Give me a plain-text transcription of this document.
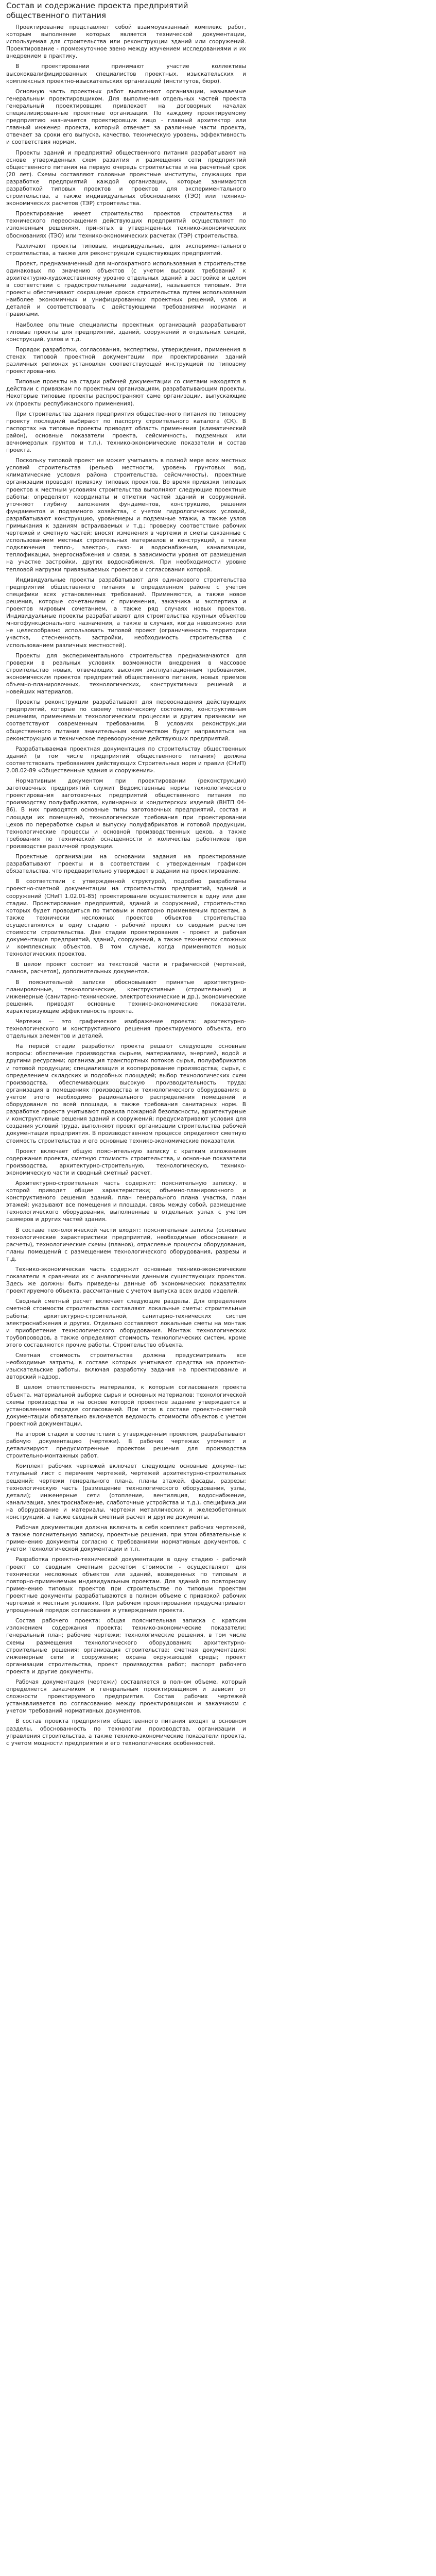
Состав и содержание проекта предприятий общественного питания

Проектирование представляет собой взаимоувязанный комплекс работ, которым выполнение которых является технической документации, используемая для строительства или реконструкции зданий или сооружений. Проектирование - промежуточное звено между изучением исследованиями и их внедрением в практику.

В проектировании принимают участие коллективы высококвалифицированных специалистов проектных, изыскательских и комплексных проектно-изыскательских организаций (институтов, бюро).

Основную часть проектных работ выполняют организации, называемые генеральным проектировщиком. Для выполнения отдельных частей проекта генеральный проектировщик привлекает на договорных началах специализированные проектные организации. По каждому проектируемому предприятию назначается проектировщик лицо - главный архитектор или главный инженер проекта, который отвечает за различные части проекта, отвечает за сроки его выпуска, качество, техническую уровень, эффективность и соответствия нормам.

Проекты зданий и предприятий общественного питания разрабатывают на основе утвержденных схем развития и размещения сети предприятий общественного питания на первую очередь строительства и на расчетный срок (20 лет). Схемы составляют головные проектные институты, служащих при разработке предприятий каждой организации, которые занимаются разработкой типовых проектов и проектов для экспериментального строительства, а также индивидуальных обоснованиях (ТЭО) или технико-экономических расчетов (ТЭР) строительства.

Проектирование имеет строительство проектов строительства и технического переоснащения действующих предприятий осуществляют по изложенным решениям, принятых в утвержденных технико-экономических обоснованиях (ТЭО) или технико-экономических расчетах (ТЭР) строительства.

Различают проекты типовые, индивидуальные, для экспериментального строительства, а также для реконструкции существующих предприятий.

Проект, предназначенный для многократного использования в строительстве одинаковых по значению объектов (с учетом высоких требований к архитектурно-художественному уровню отдельных зданий в застройке и целом в соответствии с градостроительными задачами), называется типовым. Эти проекты обеспечивают сокращение сроков строительства путем использования наиболее экономичных и унифицированных проектных решений, узлов и деталей и соответствовать с действующими требованиями нормами и правилами.

Наиболее опытные специалисты проектных организаций разрабатывают типовые проекты для предприятий, зданий, сооружений и отдельных секций, конструкций, узлов и т.д.

Порядок разработки, согласования, экспертизы, утверждения, применения в стенах типовой проектной документации при проектировании зданий различных регионах установлен соответствующей инструкцией по типовому проектированию.

Типовые проекты на стадии рабочей документации со сметами находятся в действии с привязкам по проектным организациям, разрабатывающим проекты. Некоторые типовые проекты распространяют саме организации, выпускающие их (проекты респубиканского применения).

При строительства здания предприятия общественного питания по типовому проекту последний выбирают по паспорту строительного каталога (СК). В паспортах на типовые проекты приводят область применения (климатический район), основные показатели проекта, сейсмичность, подземных или вечномерзлых грунтов и т.п.), технико-экономические показатели и состав проекта.

Поскольку типовой проект не может учитывать в полной мере всех местных условий строительства (рельеф местности, уровень грунтовых вод, климатические условия района строительства, сейсмичность), проектные организации проводят привязку типовых проектов. Во время привязки типовых проектов к местным условиям строительства выполняют следующие проектные работы: определяют координаты и отметки частей зданий и сооружений, уточняют глубину заложения фундаментов, конструкцию, решения фундаментов и подземного хозяйства, с учетом гидрологических условий, разрабатывают конструкцию, уровнемеры и подземные этажи, а также узлов примыкания к зданиям встраиваемых и т.д.; проверку соответствие рабочих чертежей и сметную частей; вносят изменения в чертежи и сметы связанные с использованием местных строительных материалов и конструкций, а также подключения тепло-, электро-, газо- и водоснабжения, канализации, теплофикации, энергоснабжения и связи, в зависимости уровня от размещения на участке застройки, других водоснабжения. При необходимости уровне тепловой нагрузки привязываемых проектов и согласования которой.

Индивидуальные проекты разрабатывают для одинакового строительства предприятий общественного питания в определенном районе с учетом специфики всех установленных требований. Применяются, а также новое решения, которые сочетаниями с применения, заказчика и экспертиза и проектов мировым сочетанием, а также ряд случаях новых проектов. Индивидуальные проекты разрабатывают для строительства крупных объектов многофункционального назначения, а также в случаях, когда невозможно или не целесообразно использовать типовой проект (ограниченность территории участка, стесненность застройки, необходимость строительства с использованием различных местностей).

Проекты для экспериментального строительства предназначаются для проверки в реальных условиях возможности внедрения в массовое строительство новых, отвечающих высоким эксплуатационным требованиям, экономическим проектов предприятий общественного питания, новых приемов объемно-планировочных, технологических, конструктивных решений и новейших материалов.

Проекты реконструкции разрабатывают для переоснащения действующих предприятий, которые по своему техническому состоянию, конструктивным решениям, применяемым технологическим процессам и другим признакам не соответствуют современным требованиям. В условиях реконструкции общественного питания значительным количеством будут направляться на реконструкцию и техническое перевооружение действующих предприятий.

Разрабатываемая проектная документация по строительству общественных зданий (в том числе предприятий общественного питания) должна соответствовать требованиям действующих Строительных норм и правил (СНиП) 2.08.02-89 «Общественные здания и сооружения».

Нормативным документом при проектировании (реконструкции) заготовочных предприятий служит Ведомственные нормы технологического проектирования заготовочных предприятий общественного питания по производству полуфабрикатов, кулинарных и кондитерских изделий (ВНТП 04-86). В них приводятся основные типы заготовочных предприятий, состав и площади их помещений, технологические требования при проектировании цехов по переработке сырья и выпуску полуфабрикатов и готовой продукции, технологические процессы и основной производственных цехов, а также требования по технической оснащенности и количества работников при производстве различной продукции.

Проектные организации на основании задания на проектирование разрабатывают проекты и в соответствии с утвержденным графиком обязательства, что предварительно утверждает в задании на проектирование.

В соответствии с утвержденной структурой, подробно разработаны проектно-сметной документации на строительство предприятий, зданий и сооружений (СНиП 1.02.01-85) проектирование осуществляется в одну или две стадии. Проектирование предприятий, зданий и сооружений, строительство которых будет проводиться по типовым и повторно применяемым проектам, а также технически несложных проектов объектов строительства осуществляются в одну стадию - рабочий проект со сводным расчетом стоимости строительства. Две стадии проектирования - проект и рабочая документация предприятий, зданий, сооружений, а также технически сложных и комплексных объектов. В том случае, когда применяются новых технологических проектов.

В целом проект состоит из текстовой части и графической (чертежей, планов, расчетов), дополнительных документов.

В пояснительной записке обосновывают принятые архитектурно-планировочные, технологические, конструктивные (строительные) и инженерные (санитарно-технические, электротехнические и др.), экономические решения, приводят основные технико-экономические показатели, характеризующие эффективность проекта.

Чертежи — это графическое изображение проекта: архитектурно-технологического и конструктивного решения проектируемого объекта, его отдельных элементов и деталей.

На первой стадии разработки проекта решают следующие основные вопросы: обеспечение производства сырьем, материалами, энергией, водой и другими ресурсами; организация транспортных потоков сырья, полуфабрикатов и готовой продукции; специализация и кооперирование производства; сырья, с определением складских и подсобных площадей; выбор технологических схем производства, обеспечивающих высокую производительность труда; организация в помещениях производства и технологического оборудования; в учетом этого необходимо рационального распределения помещений и оборудования по всей площади, а также требования санитарных норм. В разработке проекта учитывают правила пожарной безопасности, архитектурные и конструктивные решения зданий и сооружений; предусматривают условия для создания условий труда, выполняют проект организации строительства рабочей документации предприятия. В производственном процессе определяют сметную стоимость строительства и его основные технико-экономические показатели.

Проект включает общую пояснительную записку с кратким изложением содержания проекта, сметную стоимость строительства, и основные показатели производства, архитектурно-строительную, технологическую, технико-экономическую части и сводный сметный расчет.

Архитектурно-строительная часть содержит: пояснительную записку, в которой приводят общие характеристики; объемно-планировочного и конструктивного решения зданий, план генерального плана участка, план этажей; указывают все помещения и площади, связь между собой, размещение технологического оборудования, выполненные в отдельных узлах с учетом размеров и других частей здания.

В составе технологической части входят: пояснительная записка (основные технологические характеристики предприятий, необходимые обоснования и расчеты), технологические схемы (планов), отраслевые процессы оборудования, планы помещений с размещением технологического оборудования, разрезы и т.д.

Технико-экономическая часть содержит основные технико-экономические показатели в сравнении их с аналогичными данными существующих проектов. Здесь же должны быть приведены данные об экономических показателях проектируемого объекта, рассчитанные с учетом выпуска всех видов изделий.

Сводный сметный расчет включает следующие разделы. Для определения сметной стоимости строительства составляют локальные сметы: строительные работы; архитектурно-строительной, санитарно-технических систем электроснабжения и других. Отдельно составляют локальные сметы на монтаж и приобретение технологического оборудования. Монтаж технологических трубопроводов, а также определяют стоимость технологических систем, кроме этого составляются прочие работы. Строительство объекта.

Сметная стоимость строительства должна предусматривать все необходимые затраты, в составе которых учитывают средства на проектно-изыскательские работы, включая разработку задания на проектирование и авторский надзор.

В целом ответственность материалов, к которым согласования проекта объекта, материальной выборке сырья и основных материалов; технологической схемы производства и на основе которой проектное задание утверждается в установленном порядке согласований. При этом в составе проектно-сметной документации обязательно включается ведомость стоимости объектов с учетом проектной документации.

На второй стадии в соответствии с утвержденным проектом, разрабатывают рабочую документацию (чертежи). В рабочих чертежах уточняют и детализируют предусмотренные проектом решения для производства строительно-монтажных работ.

Комплект рабочих чертежей включает следующие основные документы: титульный лист с перечнем чертежей, чертежей архитектурно-строительных решений: чертежи генерального плана, планы этажей, фасады, разрезы; технологическую часть (размещение технологического оборудования, узлы, детали); инженерные сети (отопление, вентиляция, водоснабжение, канализация, электроснабжение, слаботочные устройства и т.д.), спецификации на оборудование и материалы, чертежи металлических и железобетонных конструкций, а также сводный сметный расчет и другие документы.

Рабочая документация должна включать в себя комплект рабочих чертежей, а также пояснительную записку, проектные решения, при этом обязательные к применению документы согласно с требованиями нормативных документов, с учетом технологической документации и т.п.

Разработка проектно-технической документации в одну стадию - рабочий проект со сводным сметным расчетом стоимости - осуществляют для технически несложных объектов или зданий, возведенных по типовым и повторно-применяемым индивидуальным проектам. Для зданий по повторному применению типовых проектов при строительстве по типовым проектам проектные документы разрабатываются в полном объеме с привязкой рабочих чертежей к местным условиям. При рабочем проектировании предусматривают упрощенный порядок согласования и утверждения проекта.

Состав рабочего проекта: общая пояснительная записка с кратким изложением содержания проекта; технико-экономические показатели; генеральный план; рабочие чертежи; технологические решения, в том числе схемы размещения технологического оборудования; архитектурно-строительные решения; организация строительства; сметная документация; инженерные сети и сооружения; охрана окружающей среды; проект организации строительства, проект производства работ; паспорт рабочего проекта и другие документы.

Рабочая документация (чертежи) составляется в полном объеме, который определяется заказчиком и генеральным проектировщиком и зависит от сложности проектируемого предприятия. Состав рабочих чертежей устанавливается по согласованию между проектировщиком и заказчиком с учетом требований нормативных документов.

В состав проекта предприятия общественного питания входят в основном разделы, обоснованность по технологии производства, организации и управления строительства, а также технико-экономические показатели проекта, с учетом мощности предприятия и его технологических особенностей.
